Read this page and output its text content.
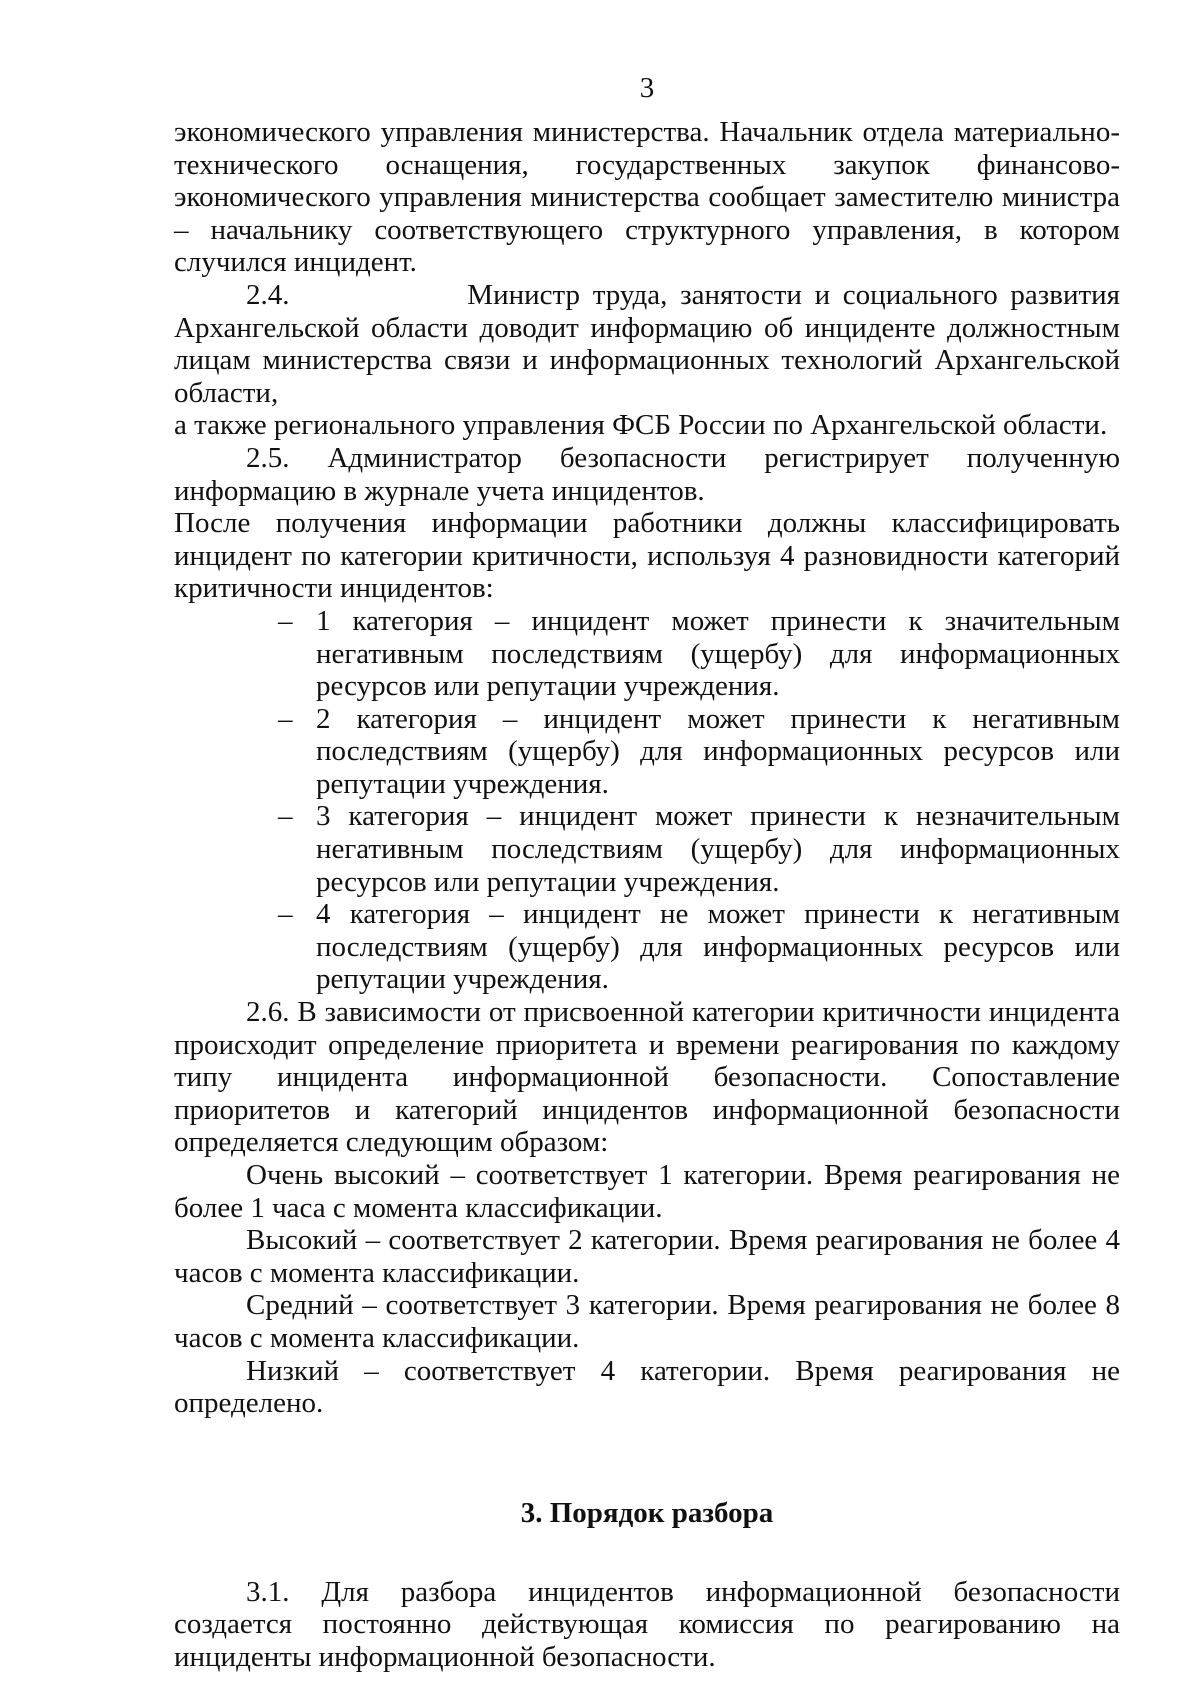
3

экономического управления министерства. Начальник отдела материально-технического оснащения, государственных закупок финансово-экономического управления министерства сообщает заместителю министра – начальнику соответствующего структурного управления, в котором случился инцидент.

2.4.              Министр труда, занятости и социального развития Архангельской области доводит информацию об инциденте должностным лицам министерства связи и информационных технологий Архангельской области,

а также регионального управления ФСБ России по Архангельской области.

2.5. Администратор безопасности регистрирует полученную информацию в журнале учета инцидентов.

После получения информации работники должны классифицировать инцидент по категории критичности, используя 4 разновидности категорий критичности инцидентов:

– 1 категория – инцидент может принести к значительным негативным последствиям (ущербу) для информационных ресурсов или репутации учреждения.
– 2 категория – инцидент может принести к негативным последствиям (ущербу) для информационных ресурсов или репутации учреждения.
– 3 категория – инцидент может принести к незначительным негативным последствиям (ущербу) для информационных ресурсов или репутации учреждения.
– 4 категория – инцидент не может принести к негативным последствиям (ущербу) для информационных ресурсов или репутации учреждения.

2.6. В зависимости от присвоенной категории критичности инцидента происходит определение приоритета и времени реагирования по каждому типу инцидента информационной безопасности. Сопоставление приоритетов и категорий инцидентов информационной безопасности определяется следующим образом:

Очень высокий – соответствует 1 категории. Время реагирования не более 1 часа с момента классификации.

Высокий – соответствует 2 категории. Время реагирования не более 4 часов с момента классификации.

Средний – соответствует 3 категории. Время реагирования не более 8 часов с момента классификации.

Низкий – соответствует 4 категории. Время реагирования не определено.

3. Порядок разбора

3.1. Для разбора инцидентов информационной безопасности создается постоянно действующая комиссия по реагированию на инциденты информационной безопасности.
